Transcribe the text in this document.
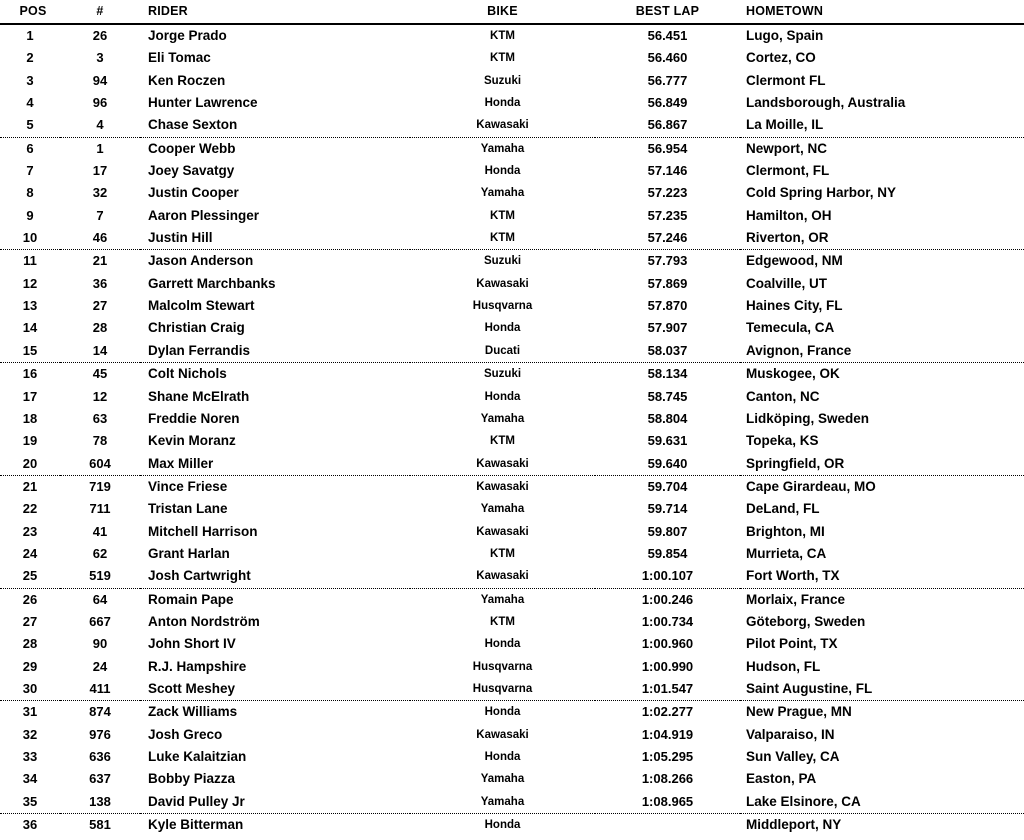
POS	#	RIDER	BIKE	BEST LAP	HOMETOWN
1	26	Jorge Prado	KTM	56.451	Lugo, Spain
2	3	Eli Tomac	KTM	56.460	Cortez, CO
3	94	Ken Roczen	Suzuki	56.777	Clermont FL
4	96	Hunter Lawrence	Honda	56.849	Landsborough, Australia
5	4	Chase Sexton	Kawasaki	56.867	La Moille, IL
6	1	Cooper Webb	Yamaha	56.954	Newport, NC
7	17	Joey Savatgy	Honda	57.146	Clermont, FL
8	32	Justin Cooper	Yamaha	57.223	Cold Spring Harbor, NY
9	7	Aaron Plessinger	KTM	57.235	Hamilton, OH
10	46	Justin Hill	KTM	57.246	Riverton, OR
11	21	Jason Anderson	Suzuki	57.793	Edgewood, NM
12	36	Garrett Marchbanks	Kawasaki	57.869	Coalville, UT
13	27	Malcolm Stewart	Husqvarna	57.870	Haines City, FL
14	28	Christian Craig	Honda	57.907	Temecula, CA
15	14	Dylan Ferrandis	Ducati	58.037	Avignon, France
16	45	Colt Nichols	Suzuki	58.134	Muskogee, OK
17	12	Shane McElrath	Honda	58.745	Canton, NC
18	63	Freddie Noren	Yamaha	58.804	Lidköping, Sweden
19	78	Kevin Moranz	KTM	59.631	Topeka, KS
20	604	Max Miller	Kawasaki	59.640	Springfield, OR
21	719	Vince Friese	Kawasaki	59.704	Cape Girardeau, MO
22	711	Tristan Lane	Yamaha	59.714	DeLand, FL
23	41	Mitchell Harrison	Kawasaki	59.807	Brighton, MI
24	62	Grant Harlan	KTM	59.854	Murrieta, CA
25	519	Josh Cartwright	Kawasaki	1:00.107	Fort Worth, TX
26	64	Romain Pape	Yamaha	1:00.246	Morlaix, France
27	667	Anton Nordström	KTM	1:00.734	Göteborg, Sweden
28	90	John Short IV	Honda	1:00.960	Pilot Point, TX
29	24	R.J. Hampshire	Husqvarna	1:00.990	Hudson, FL
30	411	Scott Meshey	Husqvarna	1:01.547	Saint Augustine, FL
31	874	Zack Williams	Honda	1:02.277	New Prague, MN
32	976	Josh Greco	Kawasaki	1:04.919	Valparaiso, IN
33	636	Luke Kalaitzian	Honda	1:05.295	Sun Valley, CA
34	637	Bobby Piazza	Yamaha	1:08.266	Easton, PA
35	138	David Pulley Jr	Yamaha	1:08.965	Lake Elsinore, CA
36	581	Kyle Bitterman	Honda		Middleport, NY
